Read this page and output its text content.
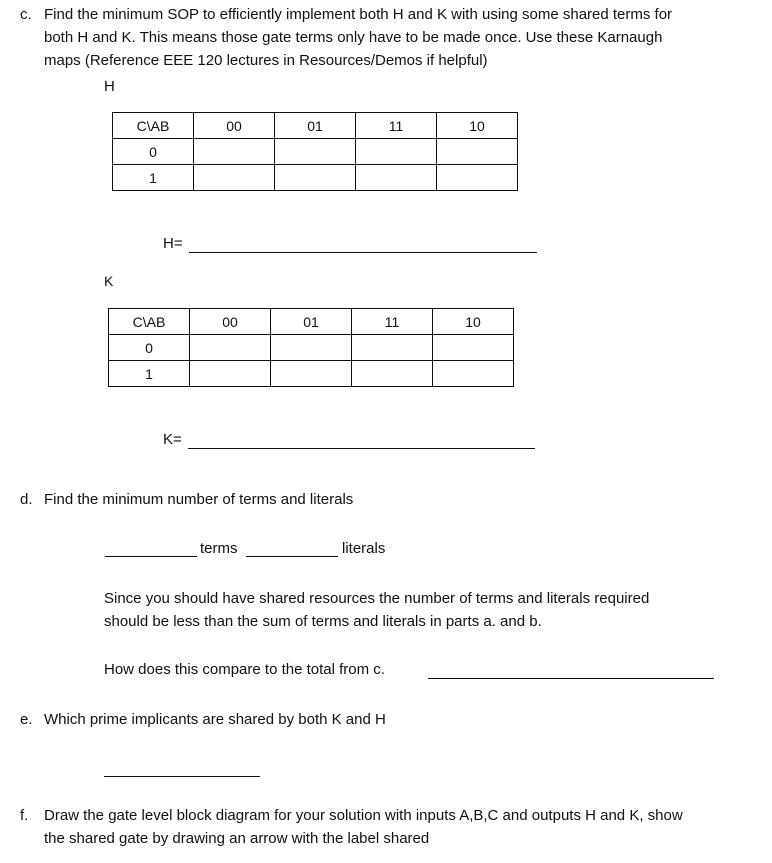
c. Find the minimum SOP to efficiently implement both H and K with using some shared terms for
both H and K. This means those gate terms only have to be made once. Use these Karnaugh
maps (Reference EEE 120 lectures in Resources/Demos if helpful)
H
C\AB	00	01	11	10
0				
1				
H=
K
C\AB	00	01	11	10
0				
1				
K=
d. Find the minimum number of terms and literals
terms	literals
Since you should have shared resources the number of terms and literals required
should be less than the sum of terms and literals in parts a. and b.
How does this compare to the total from c.
e. Which prime implicants are shared by both K and H
f. Draw the gate level block diagram for your solution with inputs A,B,C and outputs H and K, show
the shared gate by drawing an arrow with the label shared
